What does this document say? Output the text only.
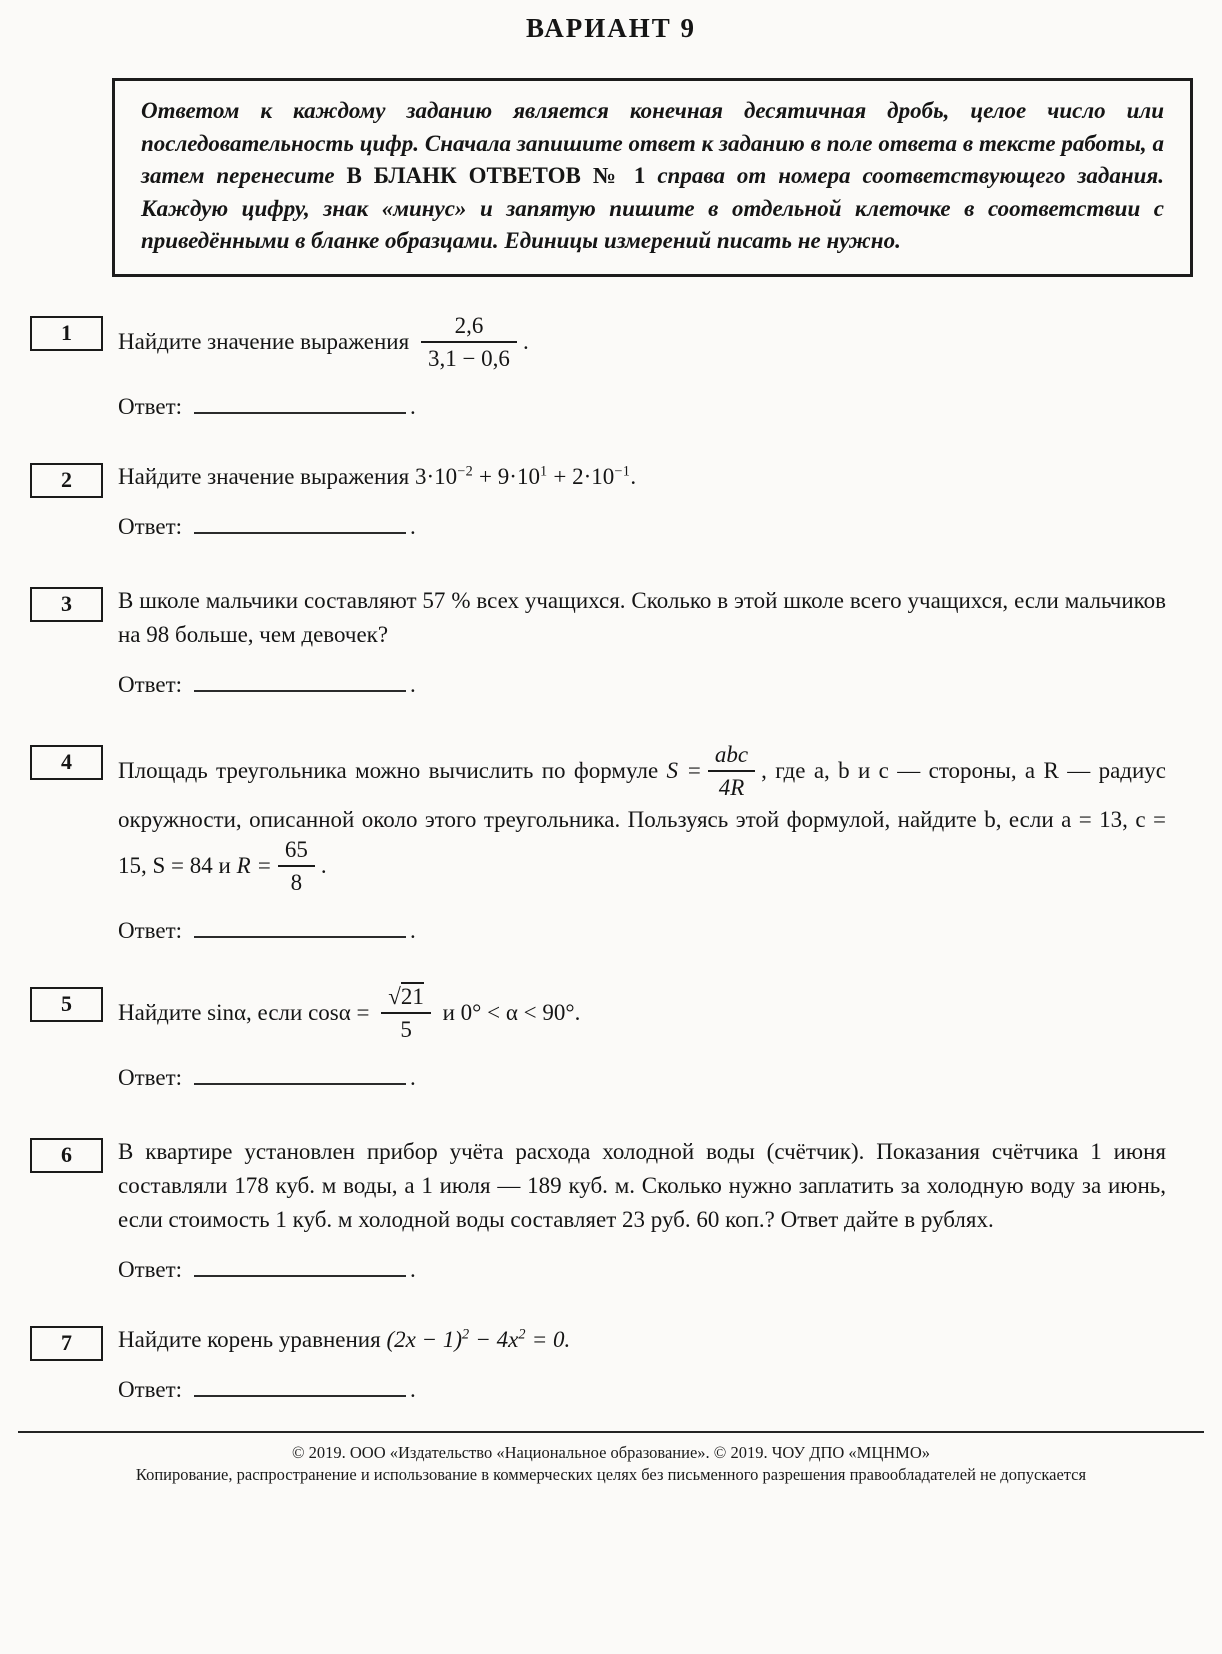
ВАРИАНТ 9

Ответом к каждому заданию является конечная десятичная дробь, целое число или последовательность цифр. Сначала запишите ответ к заданию в поле ответа в тексте работы, а затем перенесите В БЛАНК ОТВЕТОВ № 1 справа от номера соответствующего задания. Каждую цифру, знак «минус» и запятую пишите в отдельной клеточке в соответствии с приведёнными в бланке образцами. Единицы измерений писать не нужно.

1	Найдите значение выражения $\frac{2,6}{3,1 - 0,6}$ .

Ответ:	.

2	Найдите значение выражения $3\cdot 10^{-2} + 9\cdot 10^1 + 2\cdot 10^{-1}$.

Ответ:	.

3	В школе мальчики составляют 57 % всех учащихся. Сколько в этой школе всего учащихся, если мальчиков на 98 больше, чем девочек?

Ответ:	.

4	Площадь треугольника можно вычислить по формуле $S = \frac{\text{abc}}{4R}$ , где a, b и c — стороны, а R — радиус окружности, описанной около этого треугольника. Пользуясь этой формулой, найдите b, если a = 13, c = 15, S = 84 и $R = \frac{65}{8}$ .

Ответ:	.

5	Найдите sinα, если $\cos\alpha = \frac{√21}{5}$ и 0° < α < 90°.

Ответ:	.

6	В квартире установлен прибор учёта расхода холодной воды (счётчик). Показания счётчика 1 июня составляли 178 куб. м воды, а 1 июля — 189 куб. м. Сколько нужно заплатить за холодную воду за июнь, если стоимость 1 куб. м холодной воды составляет 23 руб. 60 коп.? Ответ дайте в рублях.

Ответ:	.

7	Найдите корень уравнения $(2x - 1)^2 - 4x^2 = 0$.

Ответ:	.

© 2019. ООО «Издательство «Национальное образование». © 2019. ЧОУ ДПО «МЦНМО»

Копирование, распространение и использование в коммерческих целях без письменного разрешения правообладателей не допускается
